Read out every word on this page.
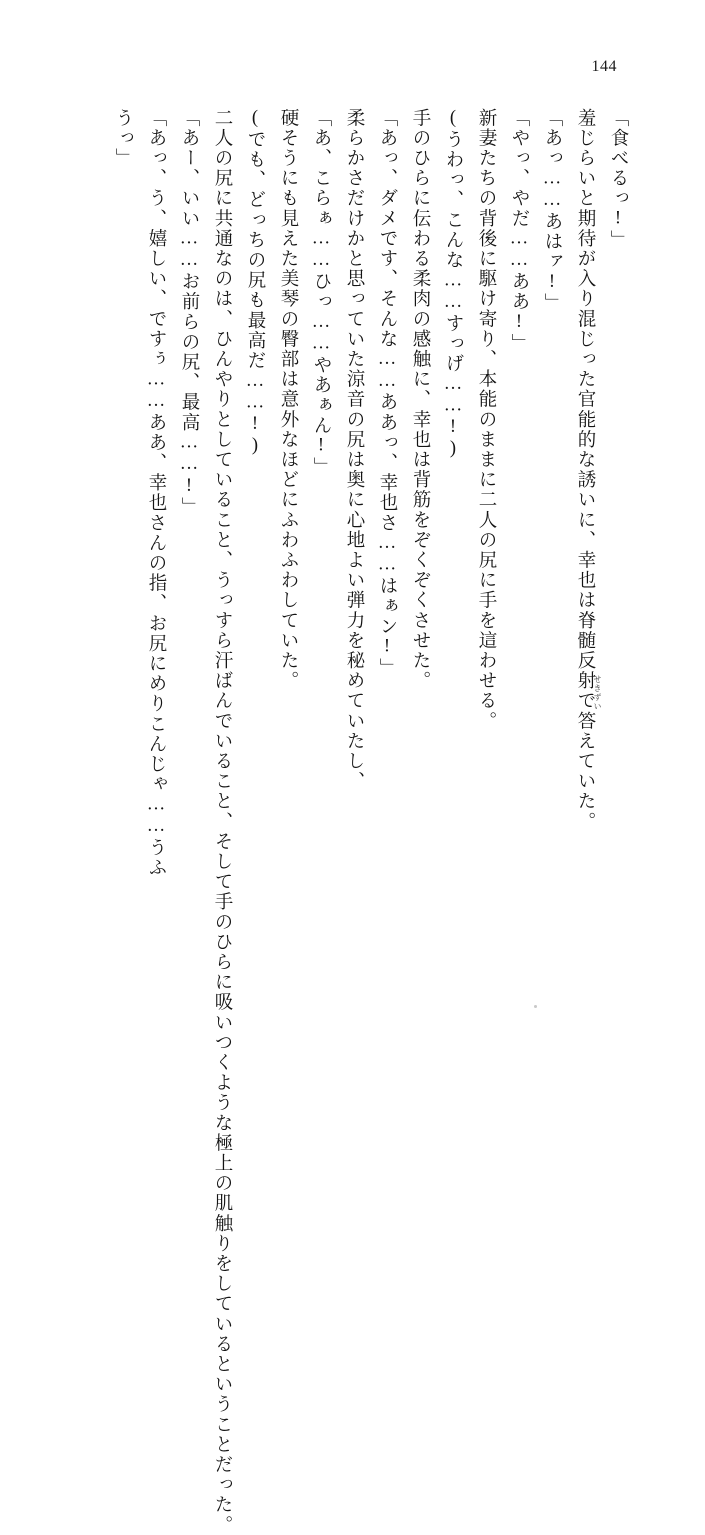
144
「食べるっ!」
羞じらいと期待が入り混じった官能的な誘いに、幸也は脊髄反射で答えていた。
「あっ……あはァ!」
「やっ、やだ……ああ!」
新妻たちの背後に駆け寄り、本能のままに二人の尻に手を這わせる。
(うわっ、こんな……すっげ……!)
手のひらに伝わる柔肉の感触に、幸也は背筋をぞくぞくさせた。
「あっ、ダメです、そんな……ああっ、幸也さ……はぁン!」
柔らかさだけかと思っていた涼音の尻は奥に心地よい弾力を秘めていたし、
「あ、こらぁ……ひっ……やあぁん!」
硬そうにも見えた美琴の臀部は意外なほどにふわふわしていた。
(でも、どっちの尻も最高だ……!)
二人の尻に共通なのは、ひんやりとしていること、うっすら汗ばんでいること、そして手のひらに吸いつくような極上の肌触りをしているということだった。
「あー、いい……お前らの尻、最高……!」
「あっ、う、嬉しい、ですぅ……ああ、幸也さんの指、お尻にめりこんじゃ……うふ
うっ」
せきずい
